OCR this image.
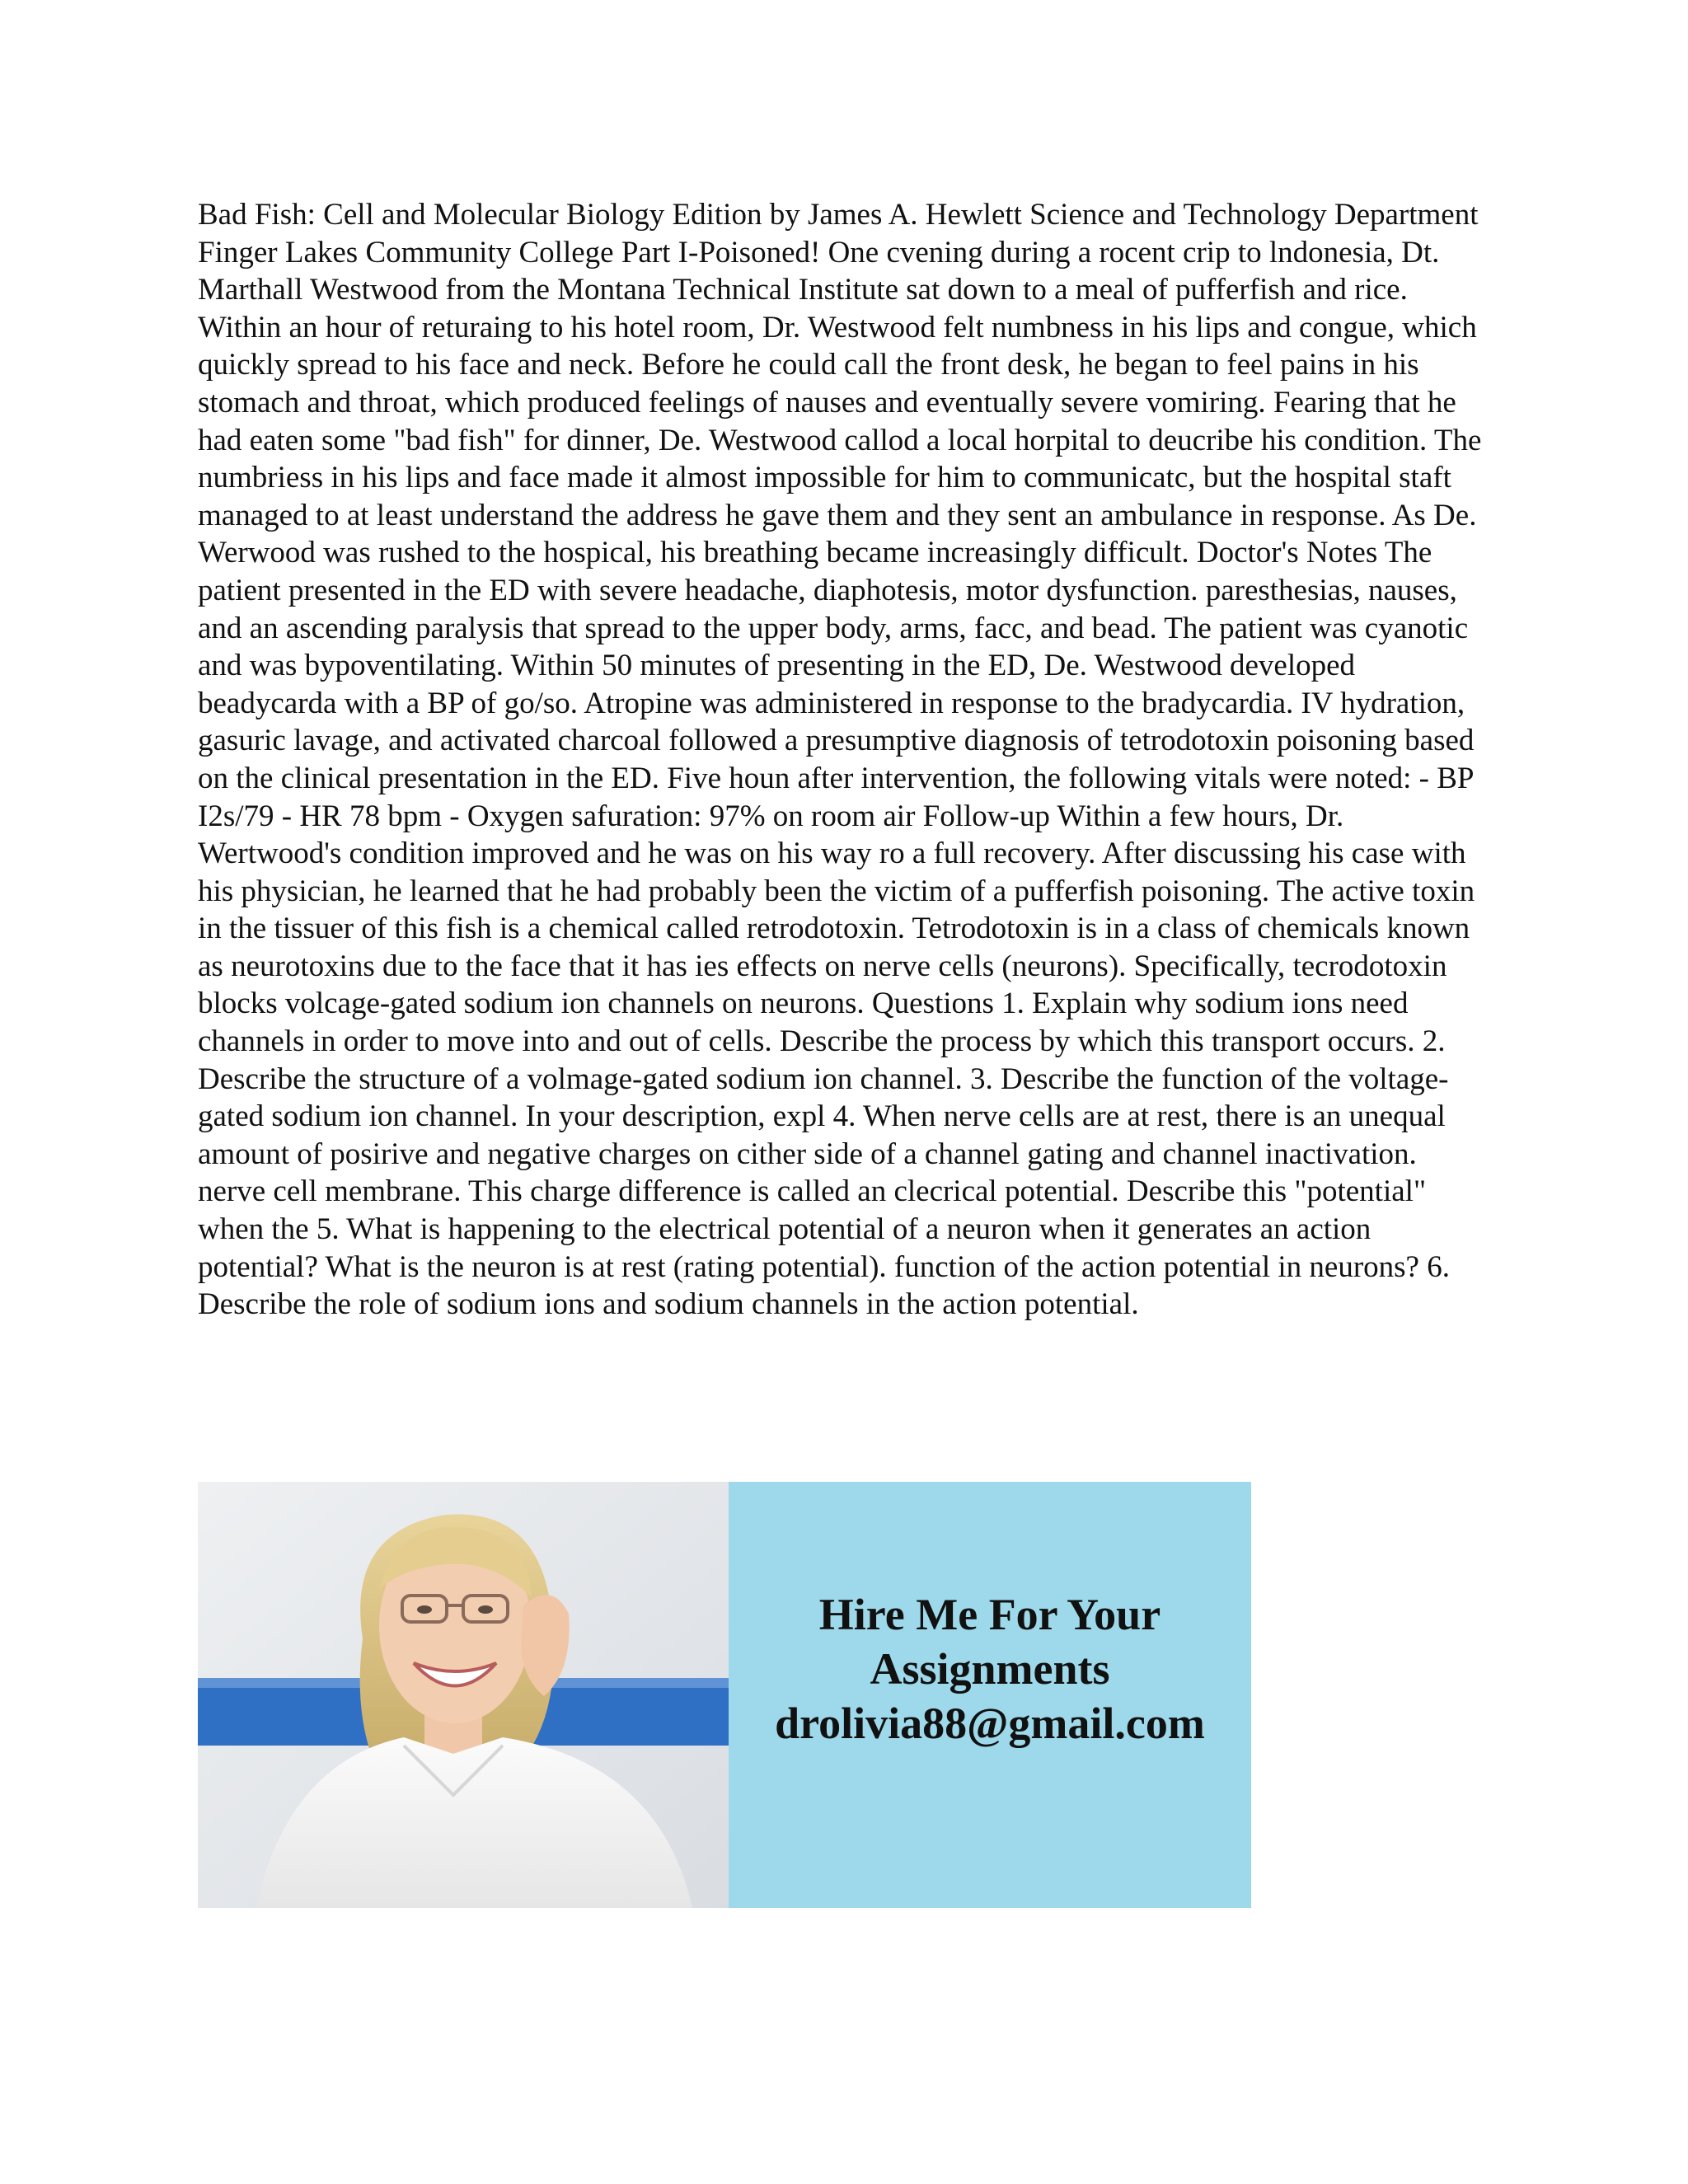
Bad Fish: Cell and Molecular Biology Edition by James A. Hewlett Science and Technology Department Finger Lakes Community College Part I-Poisoned! One cvening during a rocent crip to lndonesia, Dt. Marthall Westwood from the Montana Technical Institute sat down to a meal of pufferfish and rice. Within an hour of returaing to his hotel room, Dr. Westwood felt numbness in his lips and congue, which quickly spread to his face and neck. Before he could call the front desk, he began to feel pains in his stomach and throat, which produced feelings of nauses and eventually severe vomiring. Fearing that he had eaten some "bad fish" for dinner, De. Westwood callod a local horpital to deucribe his condition. The numbriess in his lips and face made it almost impossible for him to communicatc, but the hospital staft managed to at least understand the address he gave them and they sent an ambulance in response. As De. Werwood was rushed to the hospical, his breathing became increasingly difficult. Doctor's Notes The patient presented in the ED with severe headache, diaphotesis, motor dysfunction. paresthesias, nauses, and an ascending paralysis that spread to the upper body, arms, facc, and bead. The patient was cyanotic and was bypoventilating. Within 50 minutes of presenting in the ED, De. Westwood developed beadycarda with a BP of go/so. Atropine was administered in response to the bradycardia. IV hydration, gasuric lavage, and activated charcoal followed a presumptive diagnosis of tetrodotoxin poisoning based on the clinical presentation in the ED. Five houn after intervention, the following vitals were noted: - BP I2s/79 - HR 78 bpm - Oxygen safuration: 97% on room air Follow-up Within a few hours, Dr. Wertwood's condition improved and he was on his way ro a full recovery. After discussing his case with his physician, he learned that he had probably been the victim of a pufferfish poisoning. The active toxin in the tissuer of this fish is a chemical called retrodotoxin. Tetrodotoxin is in a class of chemicals known as neurotoxins due to the face that it has ies effects on nerve cells (neurons). Specifically, tecrodotoxin blocks volcage-gated sodium ion channels on neurons. Questions 1. Explain why sodium ions need channels in order to move into and out of cells. Describe the process by which this transport occurs. 2. Describe the structure of a volmage-gated sodium ion channel. 3. Describe the function of the voltage-gated sodium ion channel. In your description, expl 4. When nerve cells are at rest, there is an unequal amount of posirive and negative charges on cither side of a channel gating and channel inactivation. nerve cell membrane. This charge difference is called an clecrical potential. Describe this "potential" when the 5. What is happening to the electrical potential of a neuron when it generates an action potential? What is the neuron is at rest (rating potential). function of the action potential in neurons? 6. Describe the role of sodium ions and sodium channels in the action potential.

Hire Me For Your
Assignments
drolivia88@gmail.com
